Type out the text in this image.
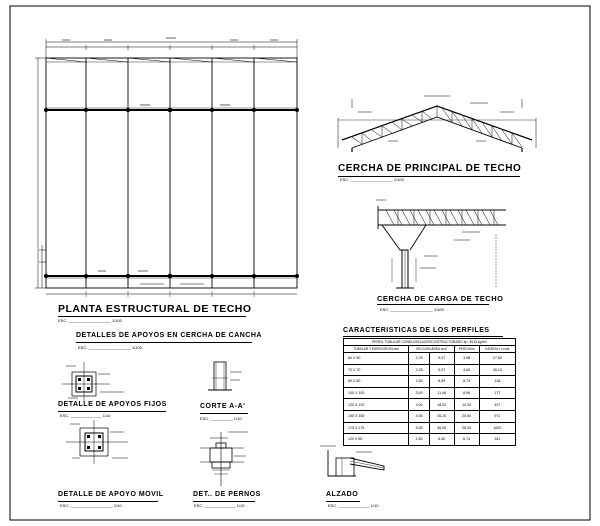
PLANTA ESTRUCTURAL DE TECHO
ESC. ___________________ 1/100
CERCHA DE PRINCIPAL DE TECHO
ESC. ___________________ 1/100
CERCHA DE CARGA DE TECHO
ESC. ___________________ 1/100
DETALLES DE APOYOS EN CERCHA DE CANCHA
ESC. ___________________ 1/100
DETALLE DE APOYOS FIJOS
ESC. ______________ 1/10
CORTE A-A'
ESC. __________ 1/10
CARACTERISTICAS DE LOS PERFILES
DETALLE DE APOYO MOVIL
ESC. ___________________ 1/10
DET.. DE PERNOS
ESC. ______________ 1/10
ALZADO
ESC. ______________ 1/10
PERFIL TUBULAR CONDUVEN ACERO ESTRUCTURADO fy= 3515 kg/m2				
TUBULAR Y ESPESOR EN mm	SECCION AREA cm2		PESO kf/m	INERCIA I x cm4
60 X 60	2,25	5,07	3,98	27,80
70 X 70	2,25	5,97	4,69	45,10
80 X 80	2,50	8,59	6,74	138
100 X 100	3,00	11,46	8,96	177
120 X 120	4,00	18,20	14,30	407
155 X 155	4,50	26,20	20,60	971
175 X 175	5,50	36,00	28,20	1620
120 X 60	2,50	6,50	6,74	181
